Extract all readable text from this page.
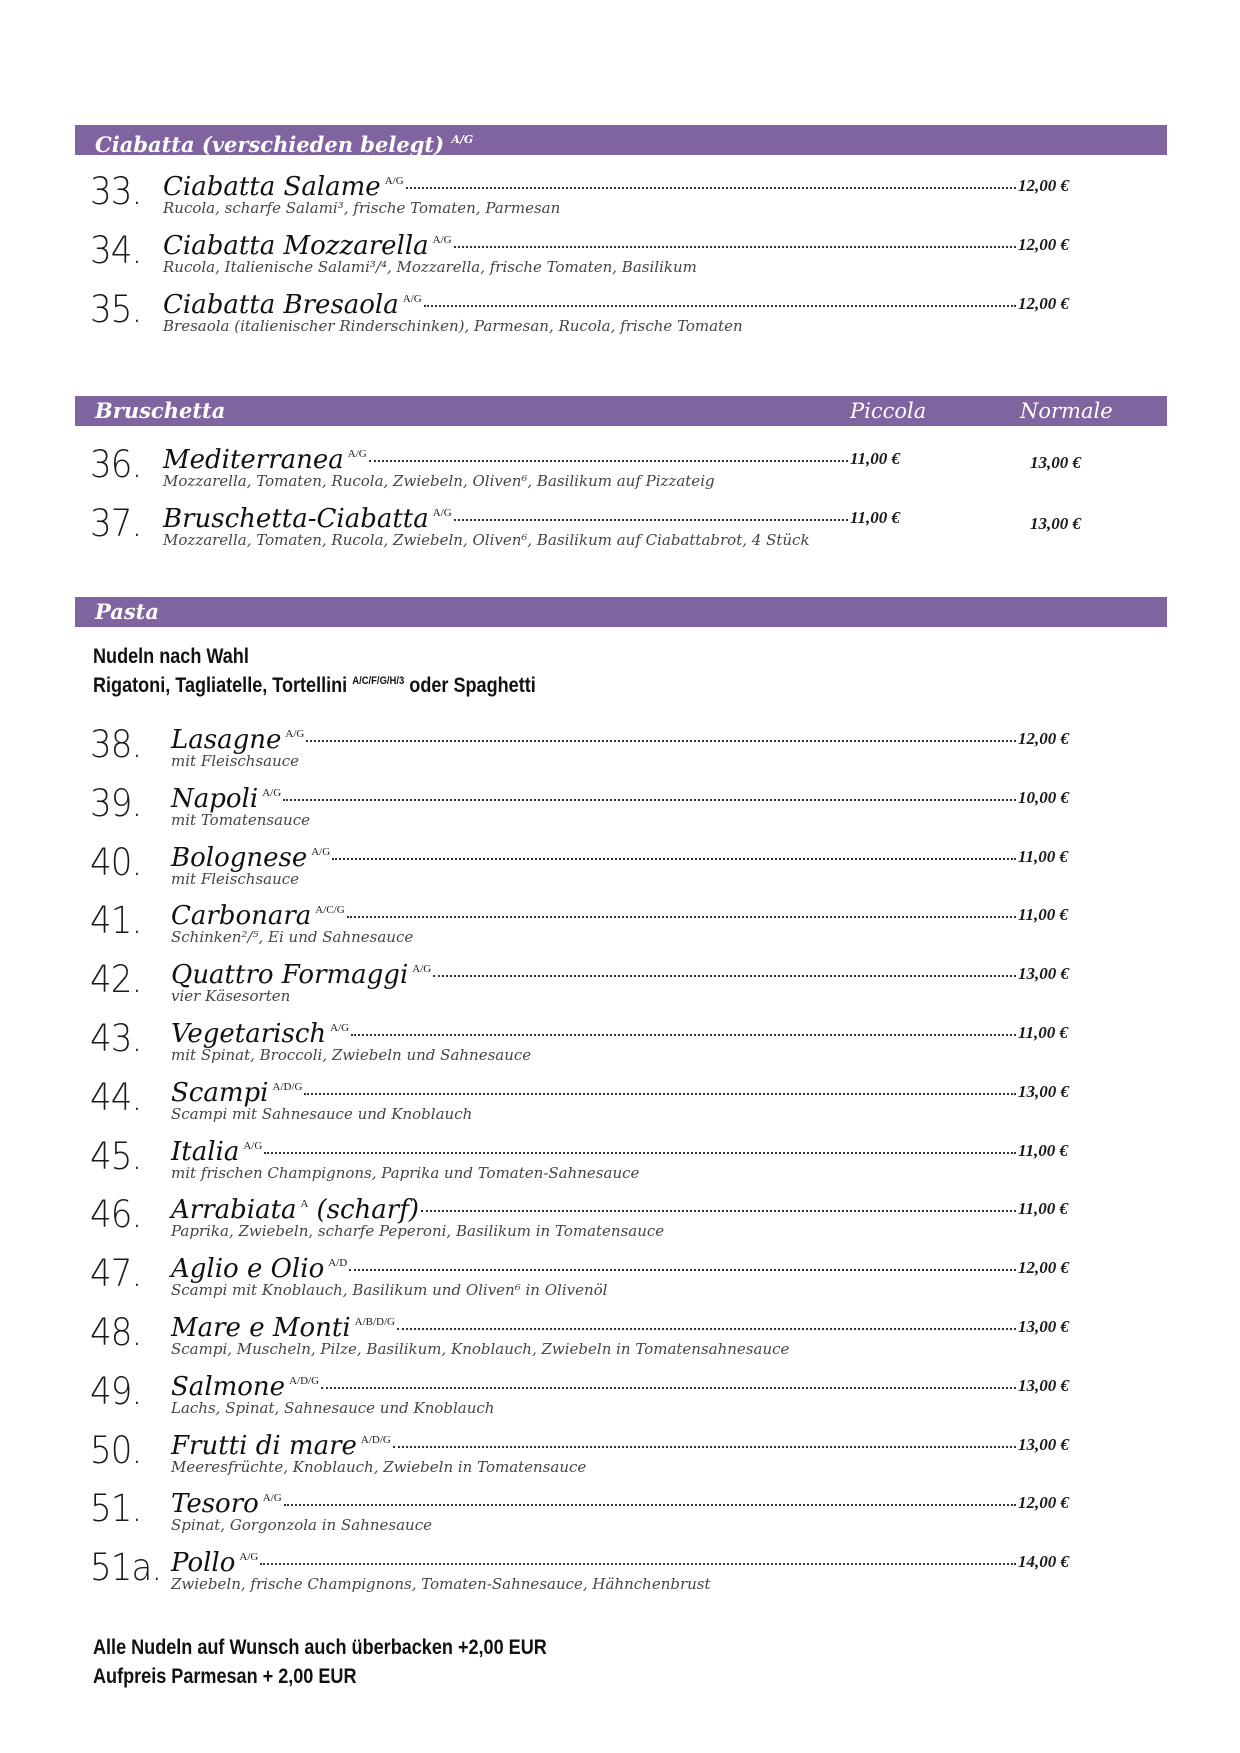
Ciabatta (verschieden belegt) $^{A/G}$
33. Ciabatta Salame A/G	12,00 €
Rucola, scharfe Salami³, frische Tomaten, Parmesan
34. Ciabatta Mozzarella A/G	12,00 €
Rucola, Italienische Salami³/⁴, Mozzarella, frische Tomaten, Basilikum
35. Ciabatta Bresaola A/G	12,00 €
Bresaola (italienischer Rinderschinken), Parmesan, Rucola, frische Tomaten
Bruschetta	Piccola	Normale
36. Mediterranea A/G	11,00 €	13,00 €
Mozzarella, Tomaten, Rucola, Zwiebeln, Oliven⁶, Basilikum auf Pizzateig
37. Bruschetta-Ciabatta A/G	11,00 €	13,00 €
Mozzarella, Tomaten, Rucola, Zwiebeln, Oliven⁶, Basilikum auf Ciabattabrot, 4 Stück
Pasta
Nudeln nach Wahl
Rigatoni, Tagliatelle, Tortellini $^{A/C/F/G/H/3}$ oder Spaghetti
38. Lasagne A/G	12,00 €
mit Fleischsauce
39. Napoli A/G	10,00 €
mit Tomatensauce
40. Bolognese A/G	11,00 €
mit Fleischsauce
41. Carbonara A/C/G	11,00 €
Schinken²/⁵, Ei und Sahnesauce
42. Quattro Formaggi A/G	13,00 €
vier Käsesorten
43. Vegetarisch A/G	11,00 €
mit Spinat, Broccoli, Zwiebeln und Sahnesauce
44. Scampi A/D/G	13,00 €
Scampi mit Sahnesauce und Knoblauch
45. Italia A/G	11,00 €
mit frischen Champignons, Paprika und Tomaten-Sahnesauce
46. Arrabiata A (scharf)	11,00 €
Paprika, Zwiebeln, scharfe Peperoni, Basilikum in Tomatensauce
47. Aglio e Olio A/D	12,00 €
Scampi mit Knoblauch, Basilikum und Oliven⁶ in Olivenöl
48. Mare e Monti A/B/D/G	13,00 €
Scampi, Muscheln, Pilze, Basilikum, Knoblauch, Zwiebeln in Tomatensahnesauce
49. Salmone A/D/G	13,00 €
Lachs, Spinat, Sahnesauce und Knoblauch
50. Frutti di mare A/D/G	13,00 €
Meeresfrüchte, Knoblauch, Zwiebeln in Tomatensauce
51. Tesoro A/G	12,00 €
Spinat, Gorgonzola in Sahnesauce
51a. Pollo A/G	14,00 €
Zwiebeln, frische Champignons, Tomaten-Sahnesauce, Hähnchenbrust
Alle Nudeln auf Wunsch auch überbacken +2,00 EUR
Aufpreis Parmesan + 2,00 EUR
